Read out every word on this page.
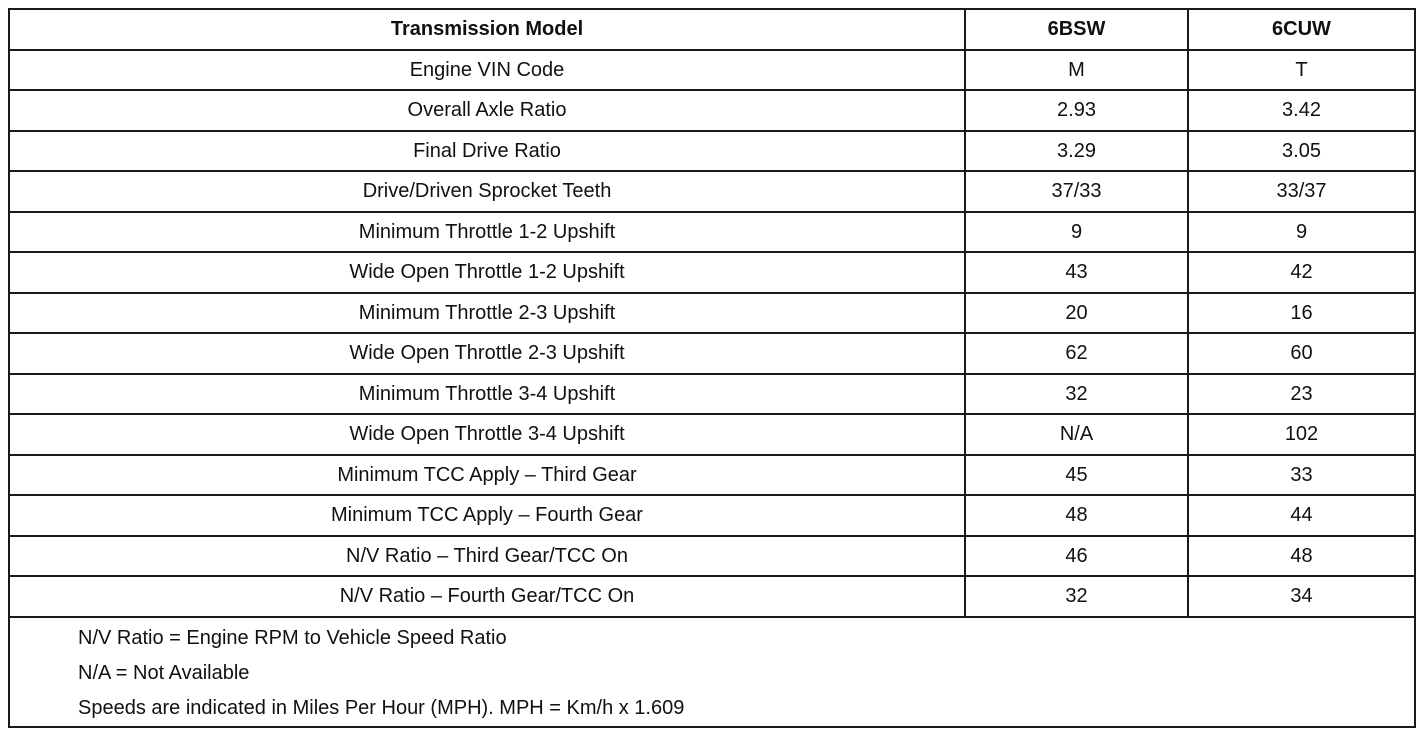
Transmission Model	6BSW	6CUW
Engine VIN Code	M	T
Overall Axle Ratio	2.93	3.42
Final Drive Ratio	3.29	3.05
Drive/Driven Sprocket Teeth	37/33	33/37
Minimum Throttle 1-2 Upshift	9	9
Wide Open Throttle 1-2 Upshift	43	42
Minimum Throttle 2-3 Upshift	20	16
Wide Open Throttle 2-3 Upshift	62	60
Minimum Throttle 3-4 Upshift	32	23
Wide Open Throttle 3-4 Upshift	N/A	102
Minimum TCC Apply – Third Gear	45	33
Minimum TCC Apply – Fourth Gear	48	44
N/V Ratio – Third Gear/TCC On	46	48
N/V Ratio – Fourth Gear/TCC On	32	34

N/V Ratio = Engine RPM to Vehicle Speed Ratio
N/A = Not Available
Speeds are indicated in Miles Per Hour (MPH). MPH = Km/h x 1.609		
